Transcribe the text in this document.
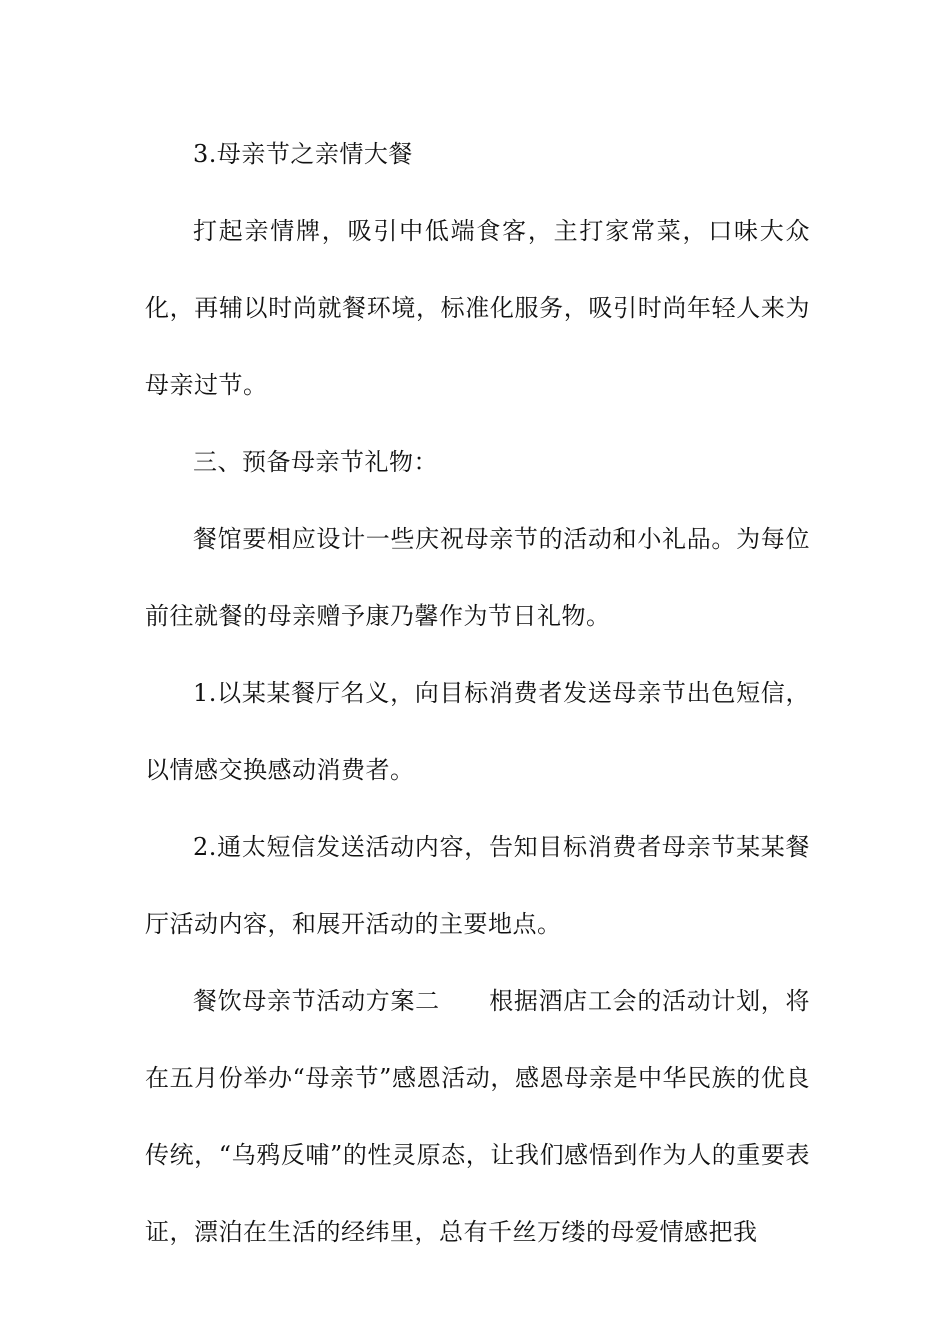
3.母亲节之亲情大餐

打起亲情牌，吸引中低端食客，主打家常菜，口味大众化，再辅以时尚就餐环境，标准化服务，吸引时尚年轻人来为母亲过节。

三、预备母亲节礼物：

餐馆要相应设计一些庆祝母亲节的活动和小礼品。为每位前往就餐的母亲赠予康乃馨作为节日礼物。

1.以某某餐厅名义，向目标消费者发送母亲节出色短信，以情感交换感动消费者。

2.通太短信发送活动内容，告知目标消费者母亲节某某餐厅活动内容，和展开活动的主要地点。

餐饮母亲节活动方案二　　根据酒店工会的活动计划，将在五月份举办“母亲节”感恩活动，感恩母亲是中华民族的优良传统，“乌鸦反哺”的性灵原态，让我们感悟到作为人的重要表证，漂泊在生活的经纬里，总有千丝万缕的母爱情感把我
